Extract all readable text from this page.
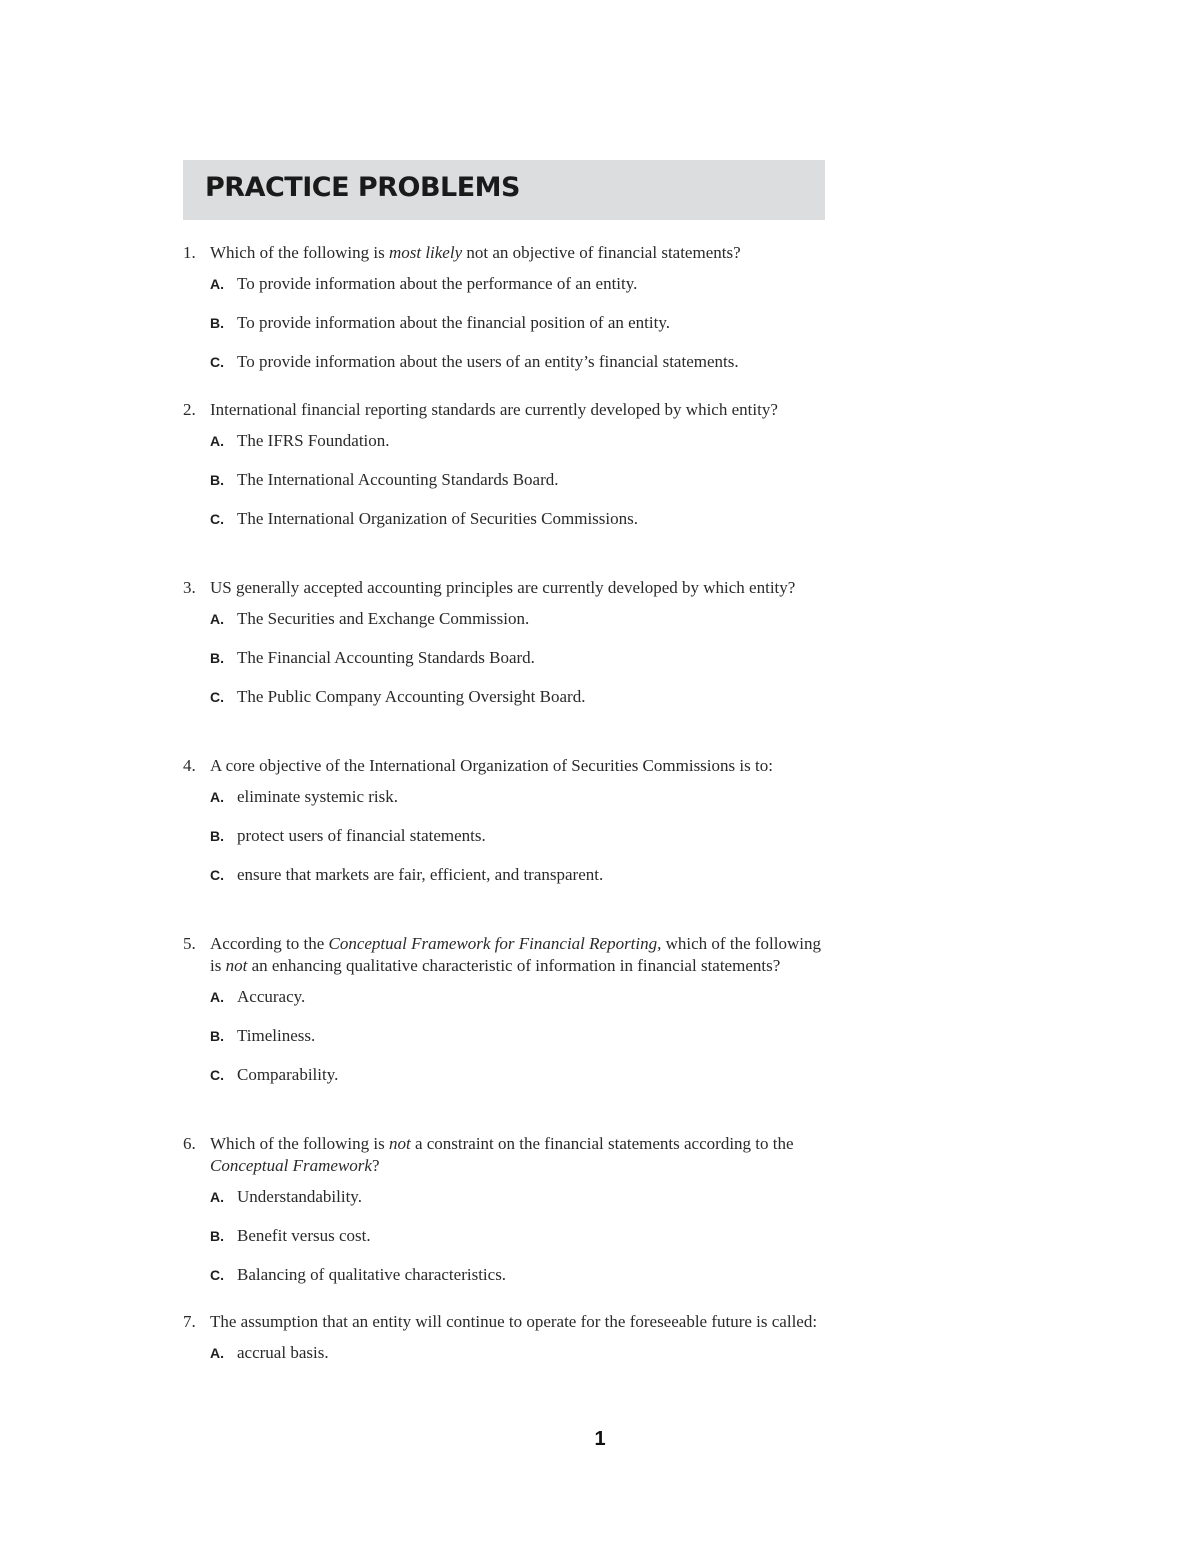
PRACTICE PROBLEMS
1. Which of the following is most likely not an objective of financial statements?
A. To provide information about the performance of an entity.
B. To provide information about the financial position of an entity.
C. To provide information about the users of an entity’s financial statements.
2. International financial reporting standards are currently developed by which entity?
A. The IFRS Foundation.
B. The International Accounting Standards Board.
C. The International Organization of Securities Commissions.
3. US generally accepted accounting principles are currently developed by which entity?
A. The Securities and Exchange Commission.
B. The Financial Accounting Standards Board.
C. The Public Company Accounting Oversight Board.
4. A core objective of the International Organization of Securities Commissions is to:
A. eliminate systemic risk.
B. protect users of financial statements.
C. ensure that markets are fair, efficient, and transparent.
5. According to the Conceptual Framework for Financial Reporting, which of the following is not an enhancing qualitative characteristic of information in financial statements?
A. Accuracy.
B. Timeliness.
C. Comparability.
6. Which of the following is not a constraint on the financial statements according to the Conceptual Framework?
A. Understandability.
B. Benefit versus cost.
C. Balancing of qualitative characteristics.
7. The assumption that an entity will continue to operate for the foreseeable future is called:
A. accrual basis.
1
